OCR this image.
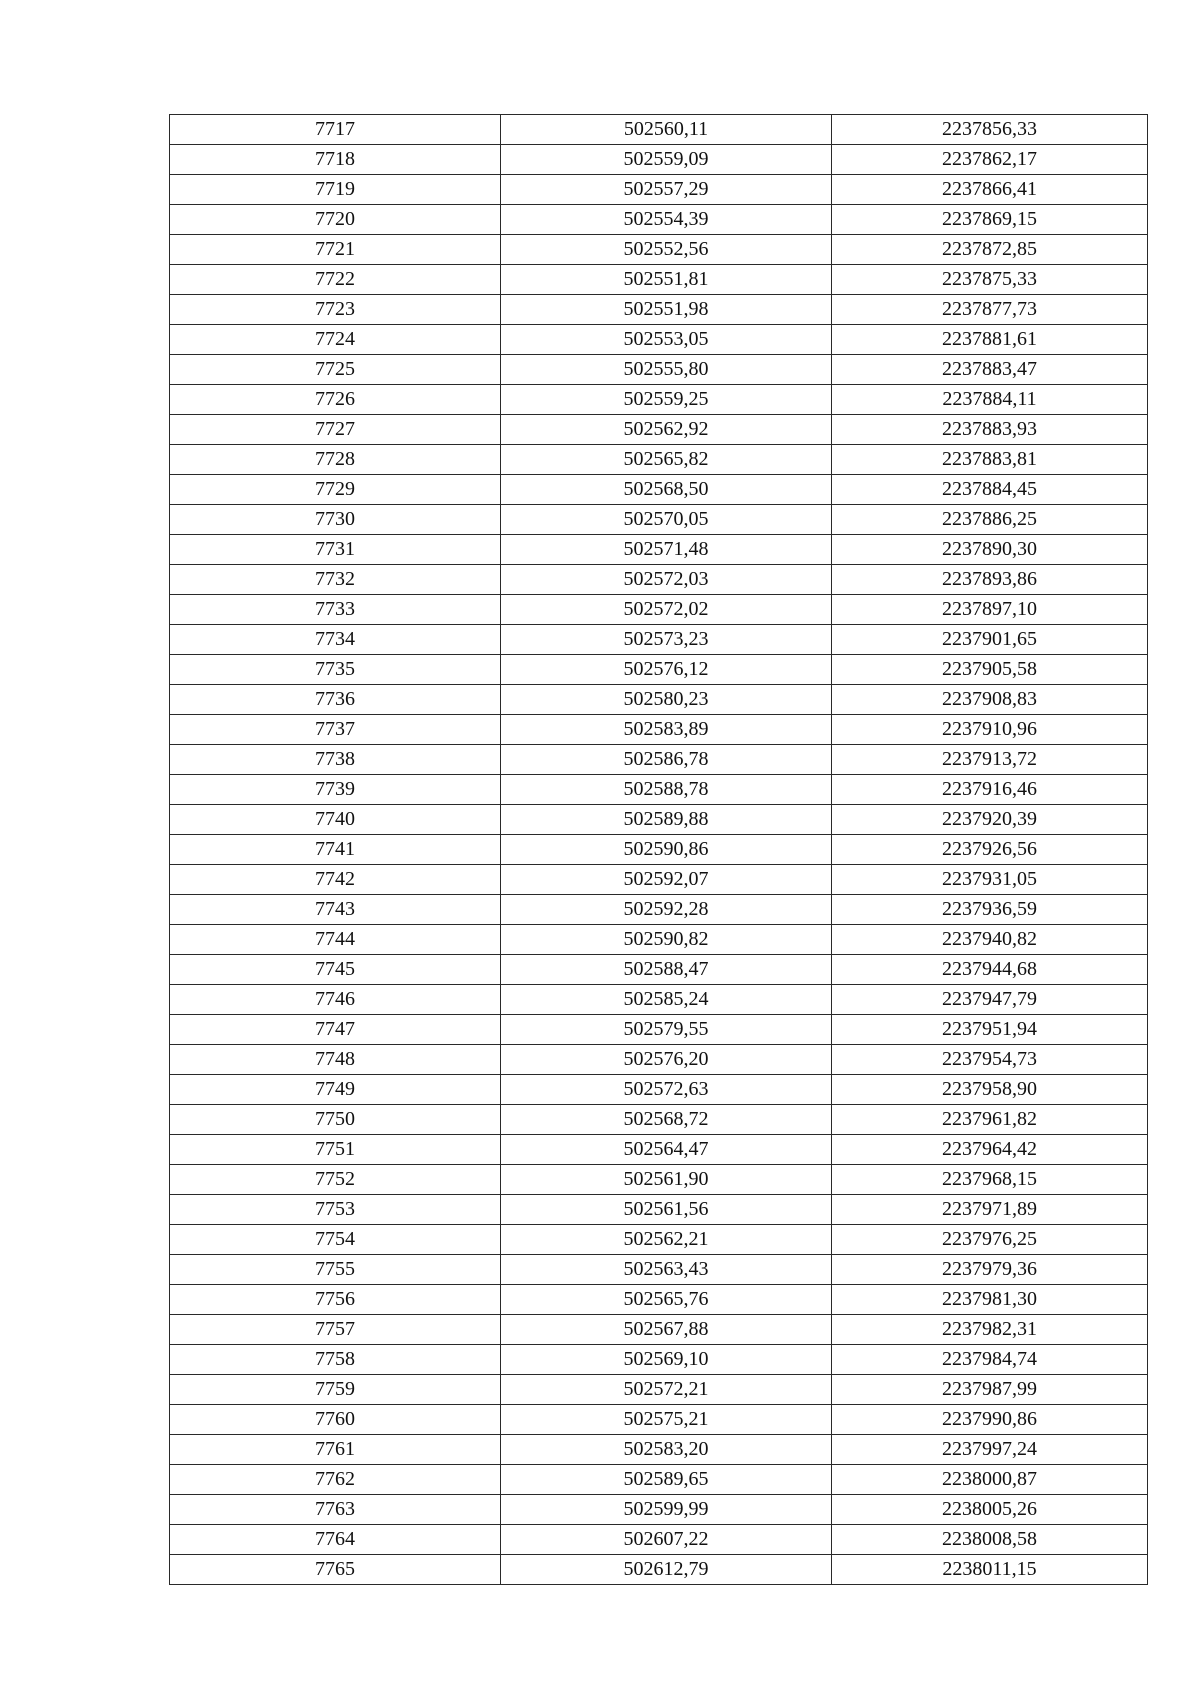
7717	502560,11	2237856,33
7718	502559,09	2237862,17
7719	502557,29	2237866,41
7720	502554,39	2237869,15
7721	502552,56	2237872,85
7722	502551,81	2237875,33
7723	502551,98	2237877,73
7724	502553,05	2237881,61
7725	502555,80	2237883,47
7726	502559,25	2237884,11
7727	502562,92	2237883,93
7728	502565,82	2237883,81
7729	502568,50	2237884,45
7730	502570,05	2237886,25
7731	502571,48	2237890,30
7732	502572,03	2237893,86
7733	502572,02	2237897,10
7734	502573,23	2237901,65
7735	502576,12	2237905,58
7736	502580,23	2237908,83
7737	502583,89	2237910,96
7738	502586,78	2237913,72
7739	502588,78	2237916,46
7740	502589,88	2237920,39
7741	502590,86	2237926,56
7742	502592,07	2237931,05
7743	502592,28	2237936,59
7744	502590,82	2237940,82
7745	502588,47	2237944,68
7746	502585,24	2237947,79
7747	502579,55	2237951,94
7748	502576,20	2237954,73
7749	502572,63	2237958,90
7750	502568,72	2237961,82
7751	502564,47	2237964,42
7752	502561,90	2237968,15
7753	502561,56	2237971,89
7754	502562,21	2237976,25
7755	502563,43	2237979,36
7756	502565,76	2237981,30
7757	502567,88	2237982,31
7758	502569,10	2237984,74
7759	502572,21	2237987,99
7760	502575,21	2237990,86
7761	502583,20	2237997,24
7762	502589,65	2238000,87
7763	502599,99	2238005,26
7764	502607,22	2238008,58
7765	502612,79	2238011,15
